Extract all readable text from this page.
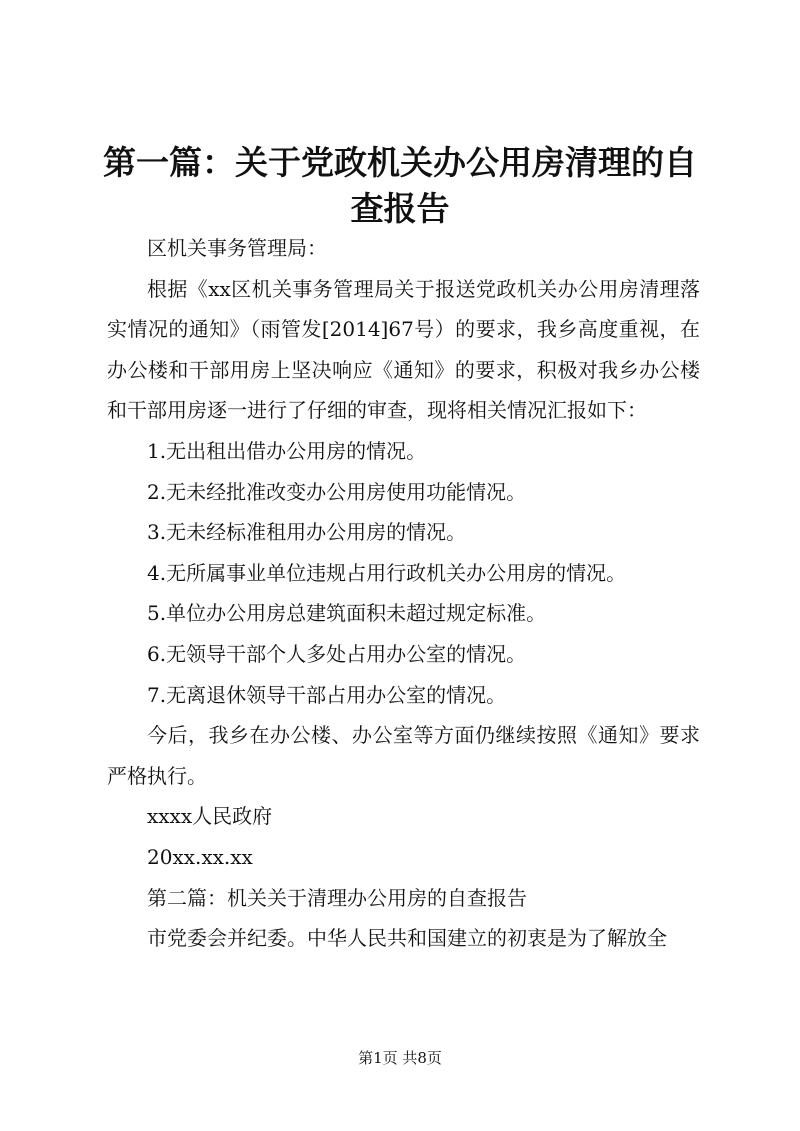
第一篇：关于党政机关办公用房清理的自查报告

区机关事务管理局：

根据《xx区机关事务管理局关于报送党政机关办公用房清理落实情况的通知》（雨管发[2014]67号）的要求，我乡高度重视，在办公楼和干部用房上坚决响应《通知》的要求，积极对我乡办公楼和干部用房逐一进行了仔细的审查，现将相关情况汇报如下：

1.无出租出借办公用房的情况。

2.无未经批准改变办公用房使用功能情况。

3.无未经标准租用办公用房的情况。

4.无所属事业单位违规占用行政机关办公用房的情况。

5.单位办公用房总建筑面积未超过规定标准。

6.无领导干部个人多处占用办公室的情况。

7.无离退休领导干部占用办公室的情况。

今后，我乡在办公楼、办公室等方面仍继续按照《通知》要求严格执行。

xxxx人民政府

20xx.xx.xx

第二篇：机关关于清理办公用房的自查报告

市党委会并纪委。中华人民共和国建立的初衷是为了解放全

第1页 共8页
